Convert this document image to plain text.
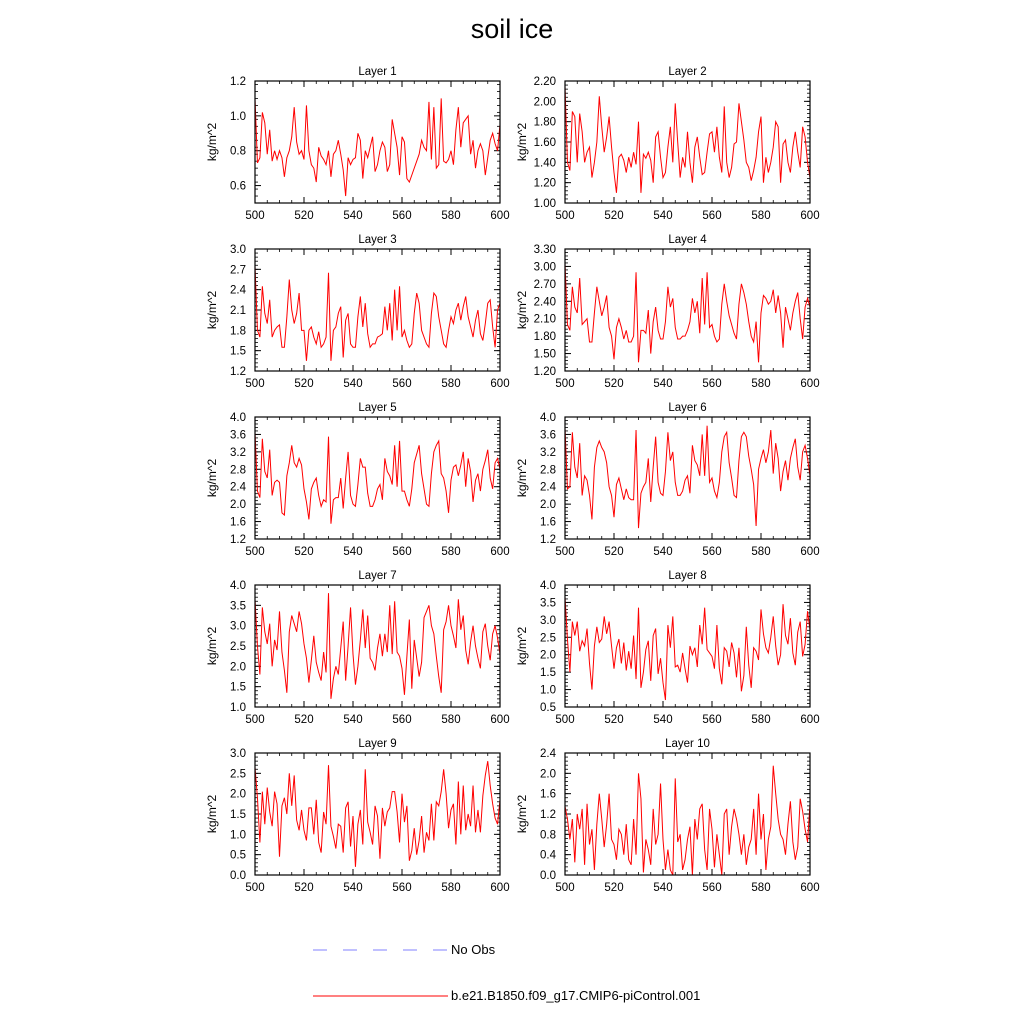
soil ice
Layer 1
kg/m^2
500	520	540	560	580	600
0.6
0.8
1.0
1.2
Layer 2
kg/m^2
500	520	540	560	580	600
1.00
1.20
1.40
1.60
1.80
2.00
2.20
Layer 3
kg/m^2
500	520	540	560	580	600
1.2
1.5
1.8
2.1
2.4
2.7
3.0
Layer 4
kg/m^2
500	520	540	560	580	600
1.20
1.50
1.80
2.10
2.40
2.70
3.00
3.30
Layer 5
kg/m^2
500	520	540	560	580	600
1.2
1.6
2.0
2.4
2.8
3.2
3.6
4.0
Layer 6
kg/m^2
500	520	540	560	580	600
1.2
1.6
2.0
2.4
2.8
3.2
3.6
4.0
Layer 7
kg/m^2
500	520	540	560	580	600
1.0
1.5
2.0
2.5
3.0
3.5
4.0
Layer 8
kg/m^2
500	520	540	560	580	600
0.5
1.0
1.5
2.0
2.5
3.0
3.5
4.0
Layer 9
kg/m^2
500	520	540	560	580	600
0.0
0.5
1.0
1.5
2.0
2.5
3.0
Layer 10
kg/m^2
500	520	540	560	580	600
0.0
0.4
0.8
1.2
1.6
2.0
2.4
No Obs
b.e21.B1850.f09_g17.CMIP6-piControl.001
